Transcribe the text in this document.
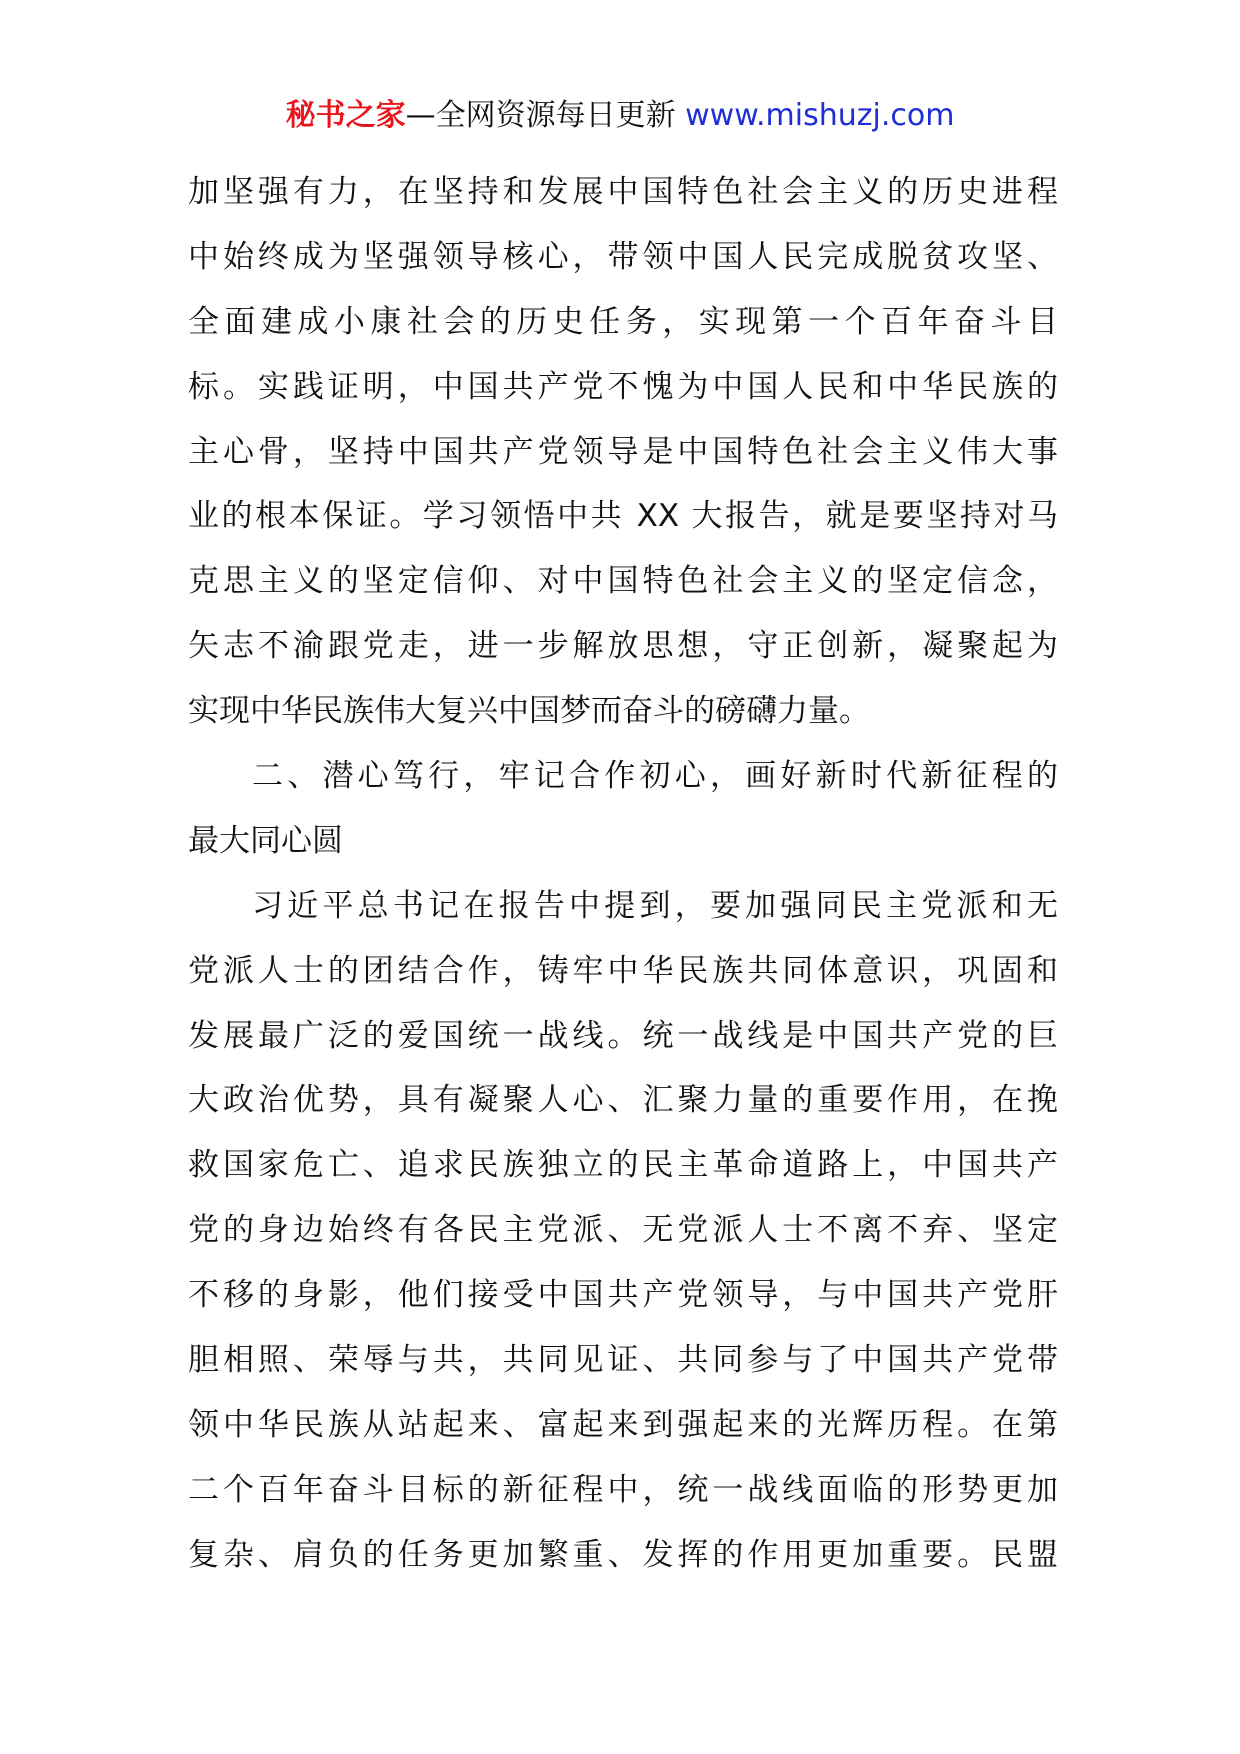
秘书之家—全网资源每日更新 www.mishuzj.com
加坚强有力，在坚持和发展中国特色社会主义的历史进程
中始终成为坚强领导核心，带领中国人民完成脱贫攻坚、
全面建成小康社会的历史任务，实现第一个百年奋斗目
标。实践证明，中国共产党不愧为中国人民和中华民族的
主心骨，坚持中国共产党领导是中国特色社会主义伟大事
业的根本保证。学习领悟中共 XX 大报告，就是要坚持对马
克思主义的坚定信仰、对中国特色社会主义的坚定信念，
矢志不渝跟党走，进一步解放思想，守正创新，凝聚起为
实现中华民族伟大复兴中国梦而奋斗的磅礴力量。
二、潜心笃行，牢记合作初心，画好新时代新征程的
最大同心圆
习近平总书记在报告中提到，要加强同民主党派和无
党派人士的团结合作，铸牢中华民族共同体意识，巩固和
发展最广泛的爱国统一战线。统一战线是中国共产党的巨
大政治优势，具有凝聚人心、汇聚力量的重要作用，在挽
救国家危亡、追求民族独立的民主革命道路上，中国共产
党的身边始终有各民主党派、无党派人士不离不弃、坚定
不移的身影，他们接受中国共产党领导，与中国共产党肝
胆相照、荣辱与共，共同见证、共同参与了中国共产党带
领中华民族从站起来、富起来到强起来的光辉历程。在第
二个百年奋斗目标的新征程中，统一战线面临的形势更加
复杂、肩负的任务更加繁重、发挥的作用更加重要。民盟
